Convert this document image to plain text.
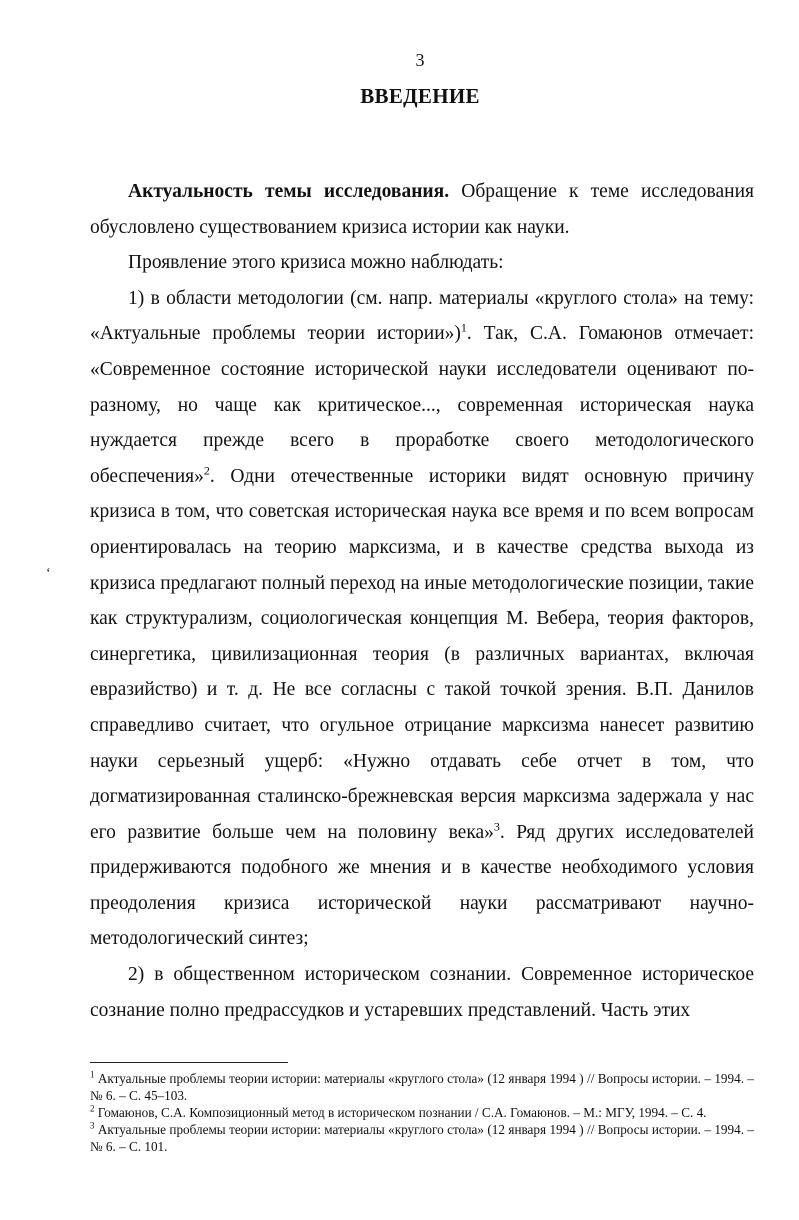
3
ВВЕДЕНИЕ
‘

Актуальность темы исследования. Обращение к теме исследования обусловлено существованием кризиса истории как науки.

Проявление этого кризиса можно наблюдать:

1) в области методологии (см. напр. материалы «круглого стола» на тему: «Актуальные проблемы теории истории»)$^1$. Так, С.А. Гомаюнов отмечает: «Современное состояние исторической науки исследователи оценивают по-разному, но чаще как критическое..., современная историческая наука нуждается прежде всего в проработке своего методологического обеспечения»$^2$. Одни отечественные историки видят основную причину кризиса в том, что советская историческая наука все время и по всем вопросам ориентировалась на теорию марксизма, и в качестве средства выхода из кризиса предлагают полный переход на иные методологические позиции, такие как структурализм, социологическая концепция М. Вебера, теория факторов, синергетика, цивилизационная теория (в различных вариантах, включая евразийство) и т. д. Не все согласны с такой точкой зрения. В.П. Данилов справедливо считает, что огульное отрицание марксизма нанесет развитию науки серьезный ущерб: «Нужно отдавать себе отчет в том, что догматизированная сталинско-брежневская версия марксизма задержала у нас его развитие больше чем на половину века»$^3$. Ряд других исследователей придерживаются подобного же мнения и в качестве необходимого условия преодоления кризиса исторической науки рассматривают научно-методологический синтез;

2) в общественном историческом сознании. Современное историческое сознание полно предрассудков и устаревших представлений. Часть этих

$^1$ Актуальные проблемы теории истории: материалы «круглого стола» (12 января 1994 ) // Вопросы истории. – 1994. – № 6. – С. 45–103.

$^2$ Гомаюнов, С.А. Композиционный метод в историческом познании / С.А. Гомаюнов. – М.: МГУ, 1994. – С. 4.

$^3$ Актуальные проблемы теории истории: материалы «круглого стола» (12 января 1994 ) // Вопросы истории. – 1994. – № 6. – С. 101.
